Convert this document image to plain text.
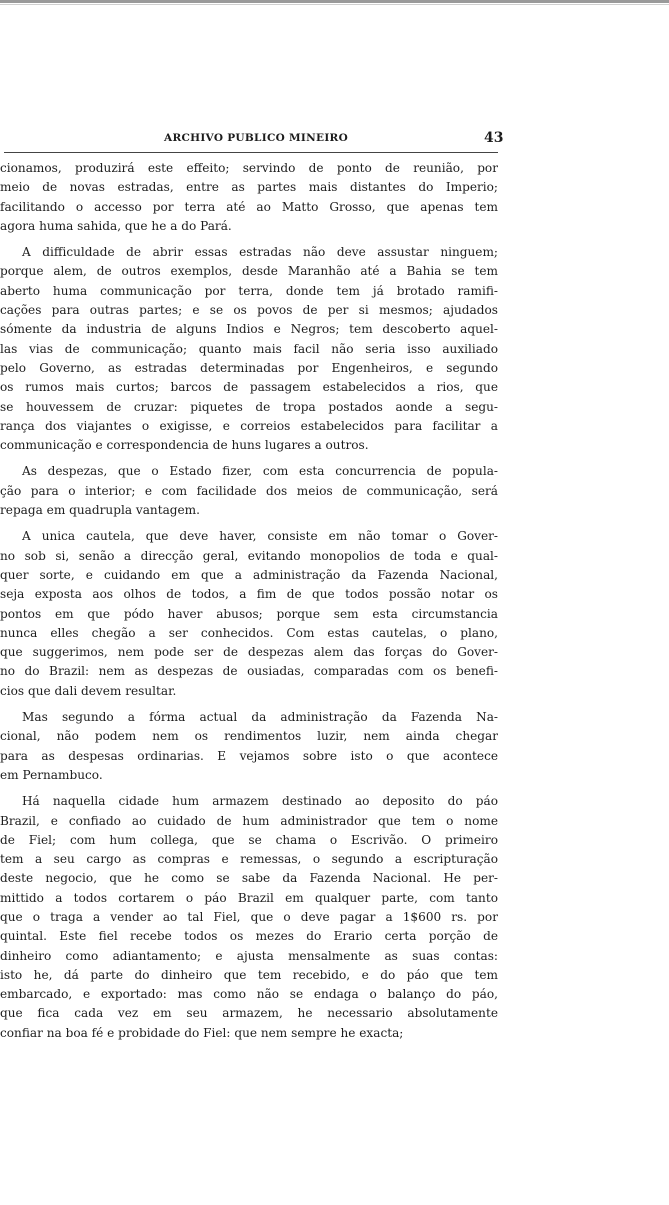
ARCHIVO PUBLICO MINEIRO	43
cionamos, produzirá este effeito; servindo de ponto de reunião, por
meio de novas estradas, entre as partes mais distantes do Imperio;
facilitando o accesso por terra até ao Matto Grosso, que apenas tem
agora huma sahida, que he a do Pará.
A difficuldade de abrir essas estradas não deve assustar ninguem;
porque alem, de outros exemplos, desde Maranhão até a Bahia se tem
aberto huma communicação por terra, donde tem já brotado ramifi-
cações para outras partes; e se os povos de per si mesmos; ajudados
sómente da industria de alguns Indios e Negros; tem descoberto aquel-
las vias de communicação; quanto mais facil não seria isso auxiliado
pelo Governo, as estradas determinadas por Engenheiros, e segundo
os rumos mais curtos; barcos de passagem estabelecidos a rios, que
se houvessem de cruzar: piquetes de tropa postados aonde a segu-
rança dos viajantes o exigisse, e correios estabelecidos para facilitar a
communicação e correspondencia de huns lugares a outros.
As despezas, que o Estado fizer, com esta concurrencia de popula-
ção para o interior; e com facilidade dos meios de communicação, será
repaga em quadrupla vantagem.
A unica cautela, que deve haver, consiste em não tomar o Gover-
no sob si, senão a direcção geral, evitando monopolios de toda e qual-
quer sorte, e cuidando em que a administração da Fazenda Nacional,
seja exposta aos olhos de todos, a fim de que todos possão notar os
pontos em que pódo haver abusos; porque sem esta circumstancia
nunca elles chegão a ser conhecidos. Com estas cautelas, o plano,
que suggerimos, nem pode ser de despezas alem das forças do Gover-
no do Brazil: nem as despezas de ousiadas, comparadas com os benefi-
cios que dali devem resultar.
Mas segundo a fórma actual da administração da Fazenda Na-
cional, não podem nem os rendimentos luzir, nem ainda chegar
para as despesas ordinarias. E vejamos sobre isto o que acontece
em Pernambuco.
Há naquella cidade hum armazem destinado ao deposito do páo
Brazil, e confiado ao cuidado de hum administrador que tem o nome
de Fiel; com hum collega, que se chama o Escrivão. O primeiro
tem a seu cargo as compras e remessas, o segundo a escripturação
deste negocio, que he como se sabe da Fazenda Nacional. He per-
mittido a todos cortarem o páo Brazil em qualquer parte, com tanto
que o traga a vender ao tal Fiel, que o deve pagar a 1$600 rs. por
quintal. Este fiel recebe todos os mezes do Erario certa porção de
dinheiro como adiantamento; e ajusta mensalmente as suas contas:
isto he, dá parte do dinheiro que tem recebido, e do páo que tem
embarcado, e exportado: mas como não se endaga o balanço do páo,
que fica cada vez em seu armazem, he necessario absolutamente
confiar na boa fé e probidade do Fiel: que nem sempre he exacta;
